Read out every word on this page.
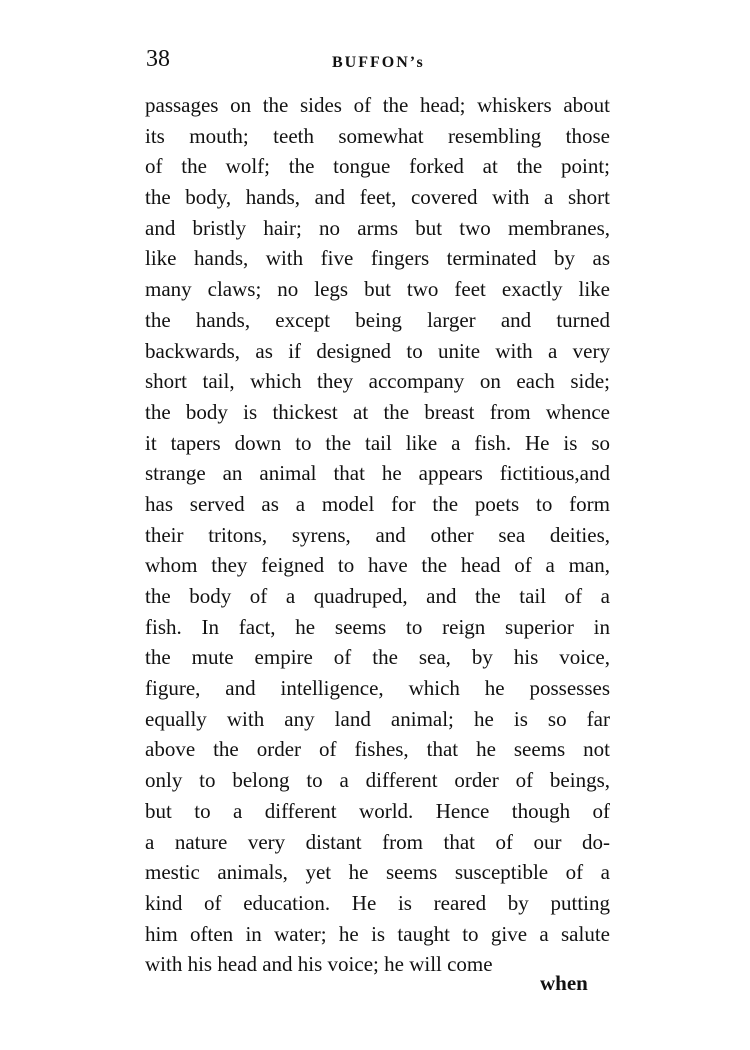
38	BUFFON’s
passages on the sides of the head; whiskers about
its mouth; teeth somewhat resembling those
of the wolf; the tongue forked at the point;
the body, hands, and feet, covered with a short
and bristly hair; no arms but two membranes,
like hands, with five fingers terminated by as
many claws; no legs but two feet exactly like
the hands, except being larger and turned
backwards, as if designed to unite with a very
short tail, which they accompany on each side;
the body is thickest at the breast from whence
it tapers down to the tail like a fish. He is so
strange an animal that he appears fictitious,and
has served as a model for the poets to form
their tritons, syrens, and other sea deities,
whom they feigned to have the head of a man,
the body of a quadruped, and the tail of a
fish. In fact, he seems to reign superior in
the mute empire of the sea, by his voice,
figure, and intelligence, which he possesses
equally with any land animal; he is so far
above the order of fishes, that he seems not
only to belong to a different order of beings,
but to a different world. Hence though of
a nature very distant from that of our do-
mestic animals, yet he seems susceptible of a
kind of education. He is reared by putting
him often in water; he is taught to give a salute
with his head and his voice; he will come
when
